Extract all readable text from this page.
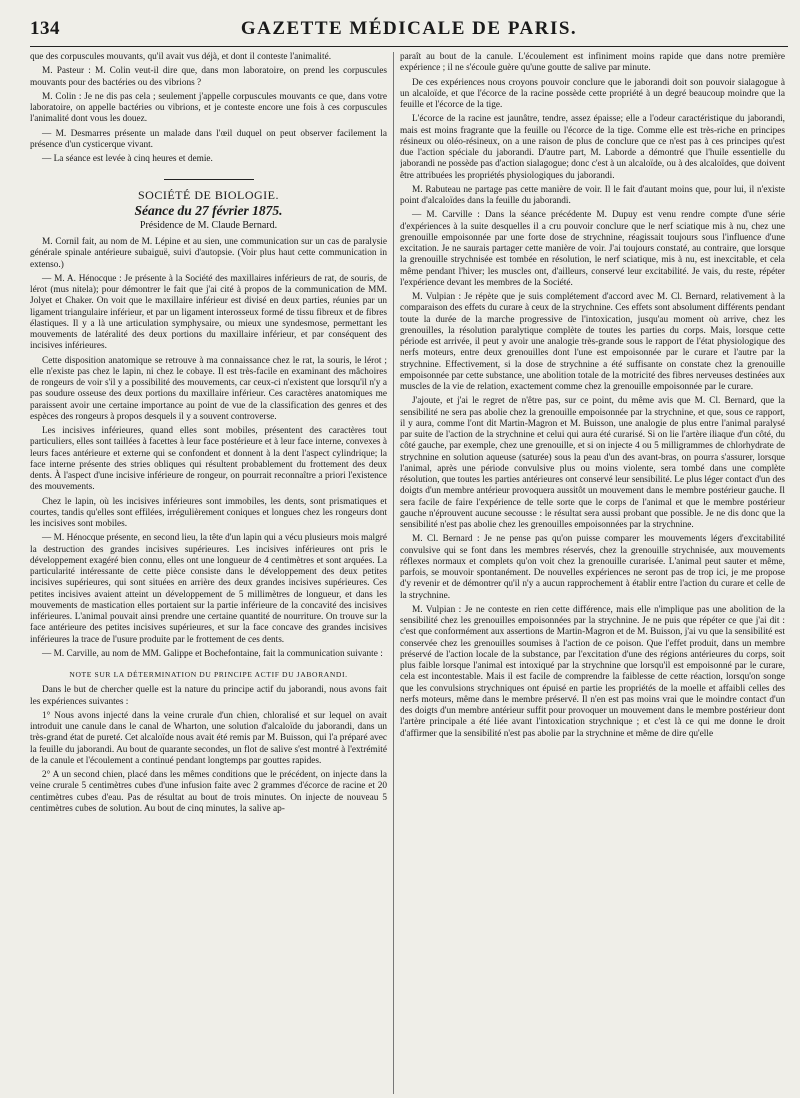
134	GAZETTE MÉDICALE DE PARIS.

que des corpuscules mouvants, qu'il avait vus déjà, et dont il conteste l'animalité.

M. Pasteur : M. Colin veut-il dire que, dans mon laboratoire, on prend les corpuscules mouvants pour des bactéries ou des vibrions ?

M. Colin : Je ne dis pas cela ; seulement j'appelle corpuscules mouvants ce que, dans votre laboratoire, on appelle bactéries ou vibrions, et je conteste encore une fois à ces corpuscules l'animalité dont vous les douez.

— M. Desmarres présente un malade dans l'œil duquel on peut observer facilement la présence d'un cysticerque vivant.

— La séance est levée à cinq heures et demie.

SOCIÉTÉ DE BIOLOGIE.
Séance du 27 février 1875.
Présidence de M. Claude Bernard.

M. Cornil fait, au nom de M. Lépine et au sien, une communication sur un cas de paralysie générale spinale antérieure subaiguë, suivi d'autopsie. (Voir plus haut cette communication in extenso.)

— M. A. Hénocque : Je présente à la Société des maxillaires inférieurs de rat, de souris, de lérot (mus nitela); pour démontrer le fait que j'ai cité à propos de la communication de MM. Jolyet et Chaker. On voit que le maxillaire inférieur est divisé en deux parties, réunies par un ligament triangulaire inférieur, et par un ligament interosseux formé de tissu fibreux et de fibres élastiques. Il y a là une articulation symphysaire, ou mieux une syndesmose, permettant les mouvements de latéralité des deux portions du maxillaire inférieur, et par conséquent des incisives inférieures.

Cette disposition anatomique se retrouve à ma connaissance chez le rat, la souris, le lérot ; elle n'existe pas chez le lapin, ni chez le cobaye. Il est très-facile en examinant des mâchoires de rongeurs de voir s'il y a possibilité des mouvements, car ceux-ci n'existent que lorsqu'il n'y a pas soudure osseuse des deux portions du maxillaire inférieur. Ces caractères anatomiques me paraissent avoir une certaine importance au point de vue de la classification des genres et des espèces des rongeurs à propos desquels il y a souvent controverse.

Les incisives inférieures, quand elles sont mobiles, présentent des caractères tout particuliers, elles sont taillées à facettes à leur face postérieure et à leur face interne, convexes à leurs faces antérieure et externe qui se confondent et donnent à la dent l'aspect cylindrique; la face interne présente des stries obliques qui résultent probablement du frottement des deux dents. À l'aspect d'une incisive inférieure de rongeur, on pourrait reconnaître a priori l'existence des mouvements.

Chez le lapin, où les incisives inférieures sont immobiles, les dents, sont prismatiques et courtes, tandis qu'elles sont effilées, irrégulièrement coniques et longues chez les rongeurs dont les incisives sont mobiles.

— M. Hénocque présente, en second lieu, la tête d'un lapin qui a vécu plusieurs mois malgré la destruction des grandes incisives supérieures. Les incisives inférieures ont pris le développement exagéré bien connu, elles ont une longueur de 4 centimètres et sont arquées. La particularité intéressante de cette pièce consiste dans le développement des deux petites incisives supérieures, qui sont situées en arrière des deux grandes incisives supérieures. Ces petites incisives avaient atteint un développement de 5 millimètres de longueur, et dans les mouvements de mastication elles portaient sur la partie inférieure de la concavité des incisives inférieures. L'animal pouvait ainsi prendre une certaine quantité de nourriture. On trouve sur la face antérieure des petites incisives supérieures, et sur la face concave des grandes incisives inférieures la trace de l'usure produite par le frottement de ces dents.

— M. Carville, au nom de MM. Galippe et Bochefontaine, fait la communication suivante :

NOTE SUR LA DÉTERMINATION DU PRINCIPE ACTIF DU JABORANDI.

Dans le but de chercher quelle est la nature du principe actif du jaborandi, nous avons fait les expériences suivantes :

1° Nous avons injecté dans la veine crurale d'un chien, chloralisé et sur lequel on avait introduit une canule dans le canal de Wharton, une solution d'alcaloïde du jaborandi, dans un très-grand état de pureté. Cet alcaloïde nous avait été remis par M. Buisson, qui l'a préparé avec la feuille du jaborandi. Au bout de quarante secondes, un flot de salive s'est montré à l'extrémité de la canule et l'écoulement a continué pendant longtemps par gouttes rapides.

2° A un second chien, placé dans les mêmes conditions que le précédent, on injecte dans la veine crurale 5 centimètres cubes d'une infusion faite avec 2 grammes d'écorce de racine et 20 centimètres cubes d'eau. Pas de résultat au bout de trois minutes. On injecte de nouveau 5 centimètres cubes de solution. Au bout de cinq minutes, la salive ap-

paraît au bout de la canule. L'écoulement est infiniment moins rapide que dans notre première expérience ; il ne s'écoule guère qu'une goutte de salive par minute.

De ces expériences nous croyons pouvoir conclure que le jaborandi doit son pouvoir sialagogue à un alcaloïde, et que l'écorce de la racine possède cette propriété à un degré beaucoup moindre que la feuille et l'écorce de la tige.

L'écorce de la racine est jaunâtre, tendre, assez épaisse; elle a l'odeur caractéristique du jaborandi, mais est moins fragrante que la feuille ou l'écorce de la tige. Comme elle est très-riche en principes résineux ou oléo-résineux, on a une raison de plus de conclure que ce n'est pas à ces principes qu'est due l'action spéciale du jaborandi. D'autre part, M. Laborde a démontré que l'huile essentielle du jaborandi ne possède pas d'action sialagogue; donc c'est à un alcaloïde, ou à des alcaloïdes, que doivent être attribuées les propriétés physiologiques du jaborandi.

M. Rabuteau ne partage pas cette manière de voir. Il le fait d'autant moins que, pour lui, il n'existe point d'alcaloïdes dans la feuille du jaborandi.

— M. Carville : Dans la séance précédente M. Dupuy est venu rendre compte d'une série d'expériences à la suite desquelles il a cru pouvoir conclure que le nerf sciatique mis à nu, chez une grenouille empoisonnée par une forte dose de strychnine, réagissait toujours sous l'influence d'une excitation. Je ne saurais partager cette manière de voir. J'ai toujours constaté, au contraire, que lorsque la grenouille strychnisée est tombée en résolution, le nerf sciatique, mis à nu, est inexcitable, et cela même pendant l'hiver; les muscles ont, d'ailleurs, conservé leur excitabilité. Je vais, du reste, répéter l'expérience devant les membres de la Société.

M. Vulpian : Je répète que je suis complétement d'accord avec M. Cl. Bernard, relativement à la comparaison des effets du curare à ceux de la strychnine. Ces effets sont absolument différents pendant toute la durée de la marche progressive de l'intoxication, jusqu'au moment où arrive, chez les grenouilles, la résolution paralytique complète de toutes les parties du corps. Mais, lorsque cette période est arrivée, il peut y avoir une analogie très-grande sous le rapport de l'état physiologique des nerfs moteurs, entre deux grenouilles dont l'une est empoisonnée par le curare et l'autre par la strychnine. Effectivement, si la dose de strychnine a été suffisante on constate chez la grenouille empoisonnée par cette substance, une abolition totale de la motricité des fibres nerveuses destinées aux muscles de la vie de relation, exactement comme chez la grenouille empoisonnée par le curare.

J'ajoute, et j'ai le regret de n'être pas, sur ce point, du même avis que M. Cl. Bernard, que la sensibilité ne sera pas abolie chez la grenouille empoisonnée par la strychnine, et que, sous ce rapport, il y aura, comme l'ont dit Martin-Magron et M. Buisson, une analogie de plus entre l'animal paralysé par suite de l'action de la strychnine et celui qui aura été curarisé. Si on lie l'artère iliaque d'un côté, du côté gauche, par exemple, chez une grenouille, et si on injecte 4 ou 5 milligrammes de chlorhydrate de strychnine en solution aqueuse (saturée) sous la peau d'un des avant-bras, on pourra s'assurer, lorsque l'animal, après une période convulsive plus ou moins violente, sera tombé dans une complète résolution, que toutes les parties antérieures ont conservé leur sensibilité. Le plus léger contact d'un des doigts d'un membre antérieur provoquera aussitôt un mouvement dans le membre postérieur gauche. Il sera facile de faire l'expérience de telle sorte que le corps de l'animal et que le membre postérieur gauche n'éprouvent aucune secousse : le résultat sera aussi probant que possible. Je ne dis donc que la sensibilité n'est pas abolie chez les grenouilles empoisonnées par la strychnine.

M. Cl. Bernard : Je ne pense pas qu'on puisse comparer les mouvements légers d'excitabilité convulsive qui se font dans les membres réservés, chez la grenouille strychnisée, aux mouvements réflexes normaux et complets qu'on voit chez la grenouille curarisée. L'animal peut sauter et même, parfois, se mouvoir spontanément. De nouvelles expériences ne seront pas de trop ici, je me propose d'y revenir et de démontrer qu'il n'y a aucun rapprochement à établir entre l'action du curare et celle de la strychnine.

M. Vulpian : Je ne conteste en rien cette différence, mais elle n'implique pas une abolition de la sensibilité chez les grenouilles empoisonnées par la strychnine. Je ne puis que répéter ce que j'ai dit : c'est que conformément aux assertions de Martin-Magron et de M. Buisson, j'ai vu que la sensibilité est conservée chez les grenouilles soumises à l'action de ce poison. Que l'effet produit, dans un membre préservé de l'action locale de la substance, par l'excitation d'une des régions antérieures du corps, soit plus faible lorsque l'animal est intoxiqué par la strychnine que lorsqu'il est empoisonné par le curare, cela est incontestable. Mais il est facile de comprendre la faiblesse de cette réaction, lorsqu'on songe que les convulsions strychniques ont épuisé en partie les propriétés de la moelle et affaibli celles des nerfs moteurs, même dans le membre préservé. Il n'en est pas moins vrai que le moindre contact d'un des doigts d'un membre antérieur suffit pour provoquer un mouvement dans le membre postérieur dont l'artère principale a été liée avant l'intoxication strychnique ; et c'est là ce qui me donne le droit d'affirmer que la sensibilité n'est pas abolie par la strychnine et même de dire qu'elle
